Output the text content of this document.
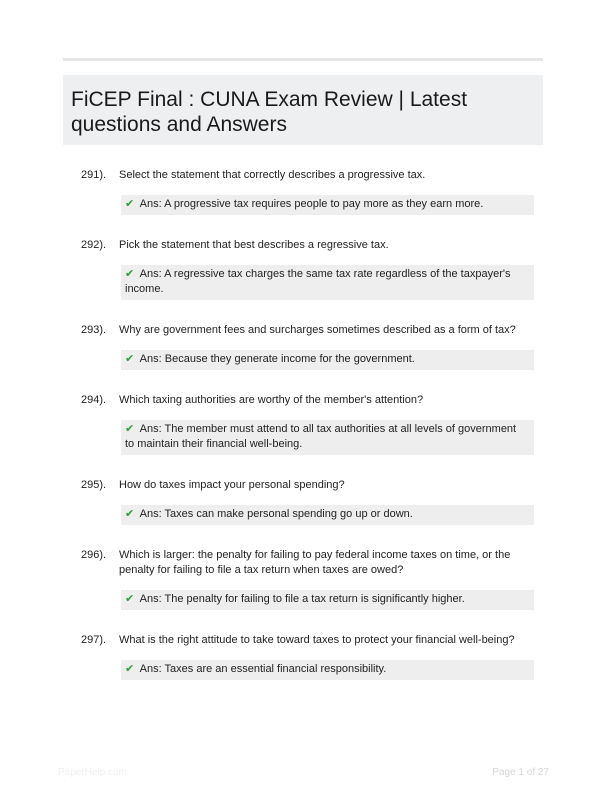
FiCEP Final : CUNA Exam Review | Latest questions and Answers
291).	Select the statement that correctly describes a progressive tax.
✔ Ans: A progressive tax requires people to pay more as they earn more.
292).	Pick the statement that best describes a regressive tax.
✔ Ans: A regressive tax charges the same tax rate regardless of the taxpayer's income.
293).	Why are government fees and surcharges sometimes described as a form of tax?
✔ Ans: Because they generate income for the government.
294).	Which taxing authorities are worthy of the member's attention?
✔ Ans: The member must attend to all tax authorities at all levels of government to maintain their financial well-being.
295).	How do taxes impact your personal spending?
✔ Ans: Taxes can make personal spending go up or down.
296).	Which is larger: the penalty for failing to pay federal income taxes on time, or the penalty for failing to file a tax return when taxes are owed?
✔ Ans: The penalty for failing to file a tax return is significantly higher.
297).	What is the right attitude to take toward taxes to protect your financial well-being?
✔ Ans: Taxes are an essential financial responsibility.
PaperHelp.com	Page 1 of 27
